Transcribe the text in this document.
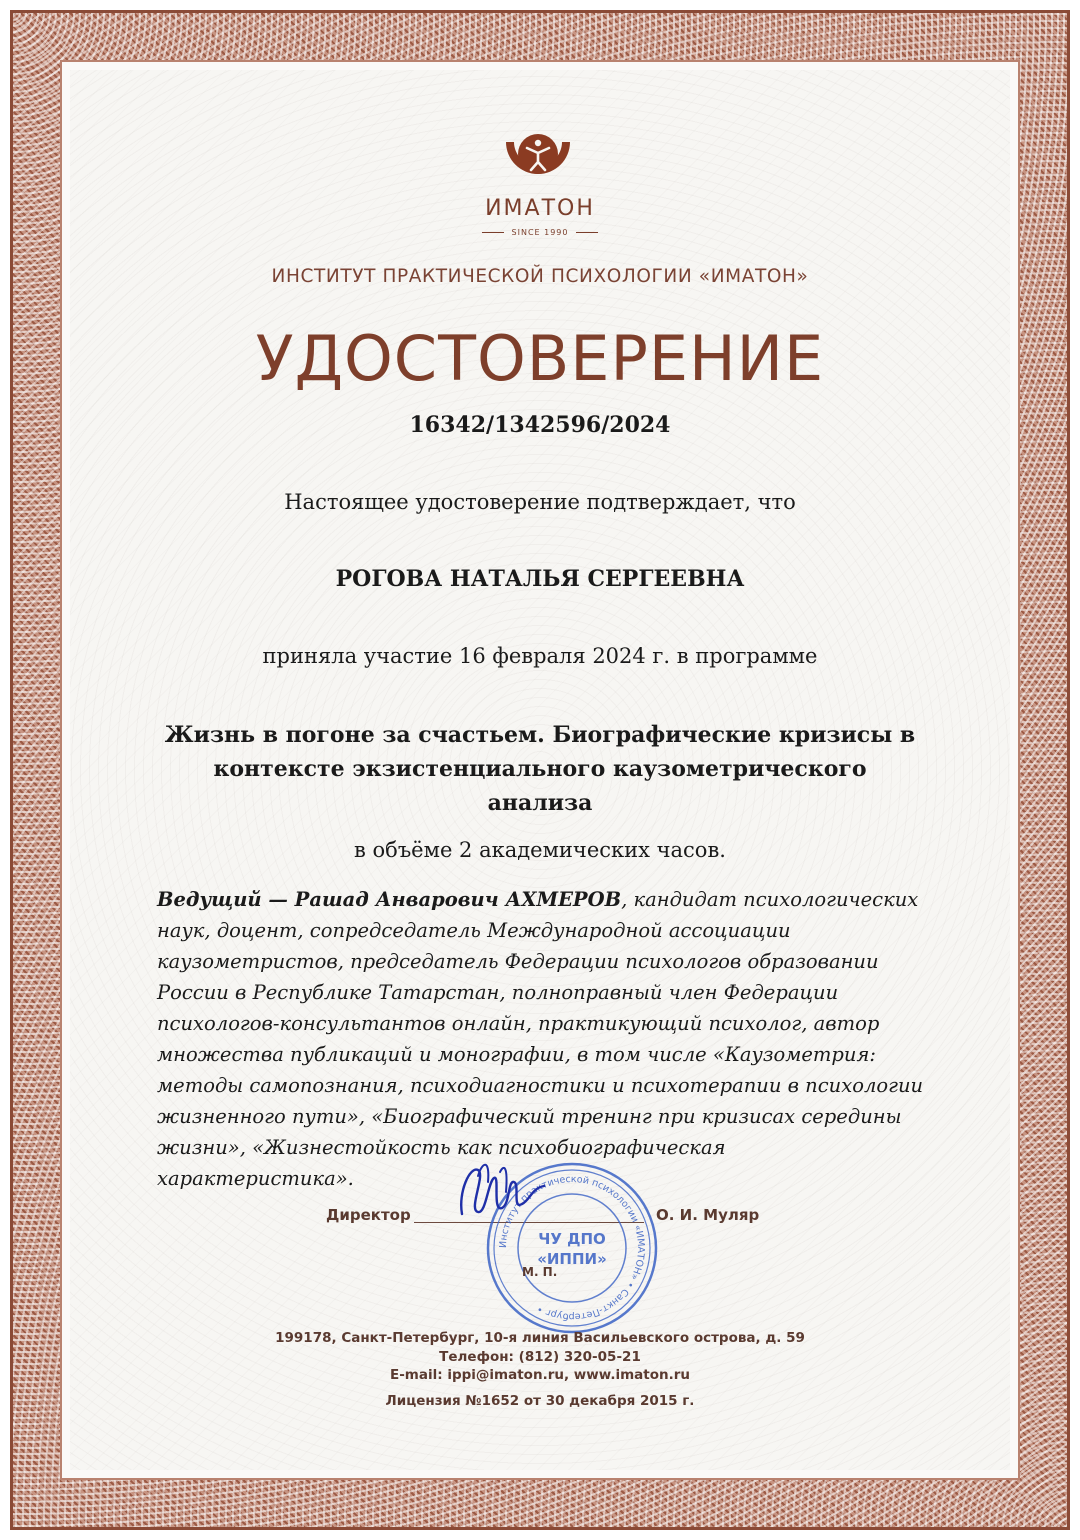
ИМАТОН
SINCE 1990
ИНСТИТУТ ПРАКТИЧЕСКОЙ ПСИХОЛОГИИ «ИМАТОН»
УДОСТОВЕРЕНИЕ
16342/1342596/2024
Настоящее удостоверение подтверждает, что
РОГОВА НАТАЛЬЯ СЕРГЕЕВНА
приняла участие 16 февраля 2024 г. в программе
Жизнь в погоне за счастьем. Биографические кризисы в
контексте экзистенциального каузометрического
анализа
в объёме 2 академических часов.
Ведущий — Рашад Анварович АХМЕРОВ, кандидат психологических наук, доцент, сопредседатель Международной ассоциации каузометристов, председатель Федерации психологов образовании России в Республике Татарстан, полноправный член Федерации психологов-консультантов онлайн, практикующий психолог, автор множества публикаций и монографии, в том числе «Каузометрия: методы самопознания, психодиагностики и психотерапии в психологии жизненного пути», «Биографический тренинг при кризисах середины жизни», «Жизнестойкость как психобиографическая характеристика».
Директор	О. И. Муляр
Институт практической психологии «ИМАТОН» • Санкт-Петербург •
ЧУ ДПО
«ИППИ»
М. П.
199178, Санкт-Петербург, 10-я линия Васильевского острова, д. 59
Телефон: (812) 320-05-21
E-mail: ippi@imaton.ru, www.imaton.ru
Лицензия №1652 от 30 декабря 2015 г.
